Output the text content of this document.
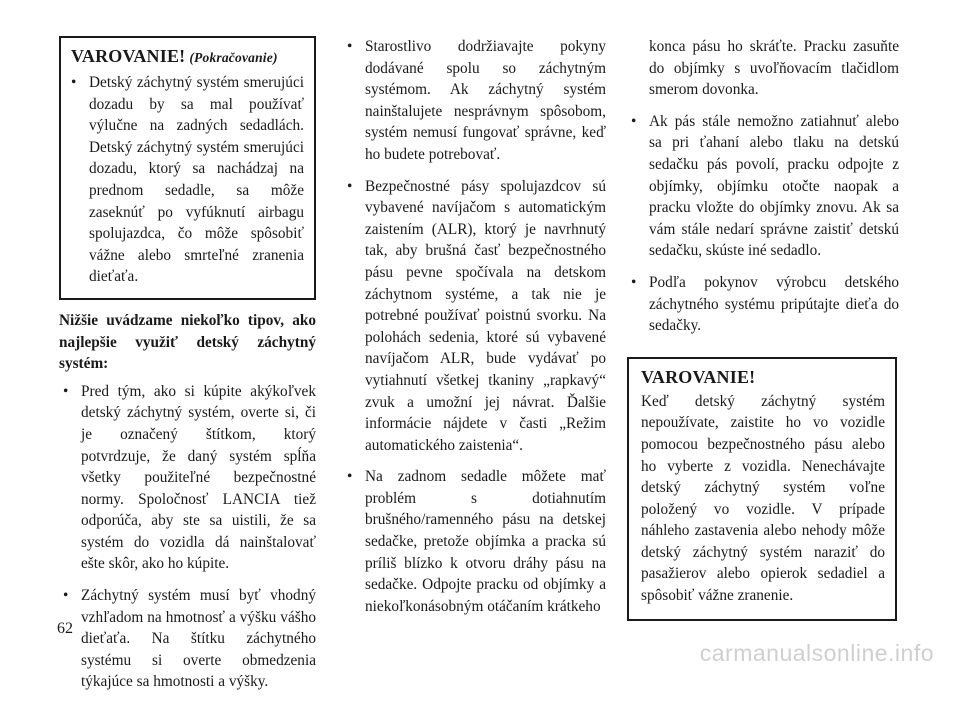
VAROVANIE! (Pokračovanie)
• Detský záchytný systém smerujúci dozadu by sa mal používať výlučne na zadných sedadlách. Detský záchytný systém smerujúci dozadu, ktorý sa nachádzaj na prednom sedadle, sa môže zaseknúť po vyfúknutí airbagu spolujazdca, čo môže spôsobiť vážne alebo smrteľné zranenia dieťaťa.
Nižšie uvádzame niekoľko tipov, ako najlepšie využiť detský záchytný systém:
• Pred tým, ako si kúpite akýkoľvek detský záchytný systém, overte si, či je označený štítkom, ktorý potvrdzuje, že daný systém spĺňa všetky použiteľné bezpečnostné normy. Spoločnosť LANCIA tiež odporúča, aby ste sa uistili, že sa systém do vozidla dá nainštalovať ešte skôr, ako ho kúpite.
• Záchytný systém musí byť vhodný vzhľadom na hmotnosť a výšku vášho dieťaťa. Na štítku záchytného systému si overte obmedzenia týkajúce sa hmotnosti a výšky.
• Starostlivo dodržiavajte pokyny dodávané spolu so záchytným systémom. Ak záchytný systém nainštalujete nesprávnym spôsobom, systém nemusí fungovať správne, keď ho budete potrebovať.
• Bezpečnostné pásy spolujazdcov sú vybavené navíjačom s automatickým zaistením (ALR), ktorý je navrhnutý tak, aby brušná časť bezpečnostného pásu pevne spočívala na detskom záchytnom systéme, a tak nie je potrebné používať poistnú svorku. Na polohách sedenia, ktoré sú vybavené navíjačom ALR, bude vydávať po vytiahnutí všetkej tkaniny „rapkavý“ zvuk a umožní jej návrat. Ďalšie informácie nájdete v časti „Režim automatického zaistenia“.
• Na zadnom sedadle môžete mať problém s dotiahnutím brušného/ramenného pásu na detskej sedačke, pretože objímka a pracka sú príliš blízko k otvoru dráhy pásu na sedačke. Odpojte pracku od objímky a niekoľkonásobným otáčaním krátkeho
konca pásu ho skráťte. Pracku zasuňte do objímky s uvoľňovacím tlačidlom smerom dovonka.
• Ak pás stále nemožno zatiahnuť alebo sa pri ťahaní alebo tlaku na detskú sedačku pás povolí, pracku odpojte z objímky, objímku otočte naopak a pracku vložte do objímky znovu. Ak sa vám stále nedarí správne zaistiť detskú sedačku, skúste iné sedadlo.
• Podľa pokynov výrobcu detského záchytného systému pripútajte dieťa do sedačky.
VAROVANIE!
Keď detský záchytný systém nepoužívate, zaistite ho vo vozidle pomocou bezpečnostného pásu alebo ho vyberte z vozidla. Nenechávajte detský záchytný systém voľne položený vo vozidle. V prípade náhleho zastavenia alebo nehody môže detský záchytný systém naraziť do pasažierov alebo opierok sedadiel a spôsobiť vážne zranenie.
62
carmanualsonline.info
